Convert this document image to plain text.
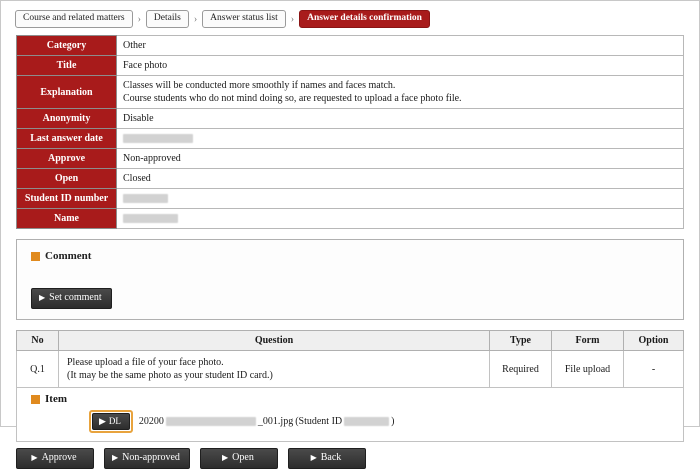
Course and related matters	›	Details	›	Answer status list	›	Answer details confirmation
Category	Other
Title	Face photo
Explanation	Classes will be conducted more smoothly if names and faces match.
Course students who do not mind doing so, are requested to upload a face photo file.

Anonymity	Disable
Last answer date	
Approve	Non-approved
Open	Closed
Student ID number	
Name	
Comment
▶ Set comment
No	Question	Type	Form	Option
Q.1	Please upload a file of your face photo.
(It may be the same photo as your student ID card.)	Required	File upload	-
Item
▶ DL 20200
	_001.jpg (Student ID
	)
▶ Approve	▶ Non-approved	▶ Open	▶ Back
